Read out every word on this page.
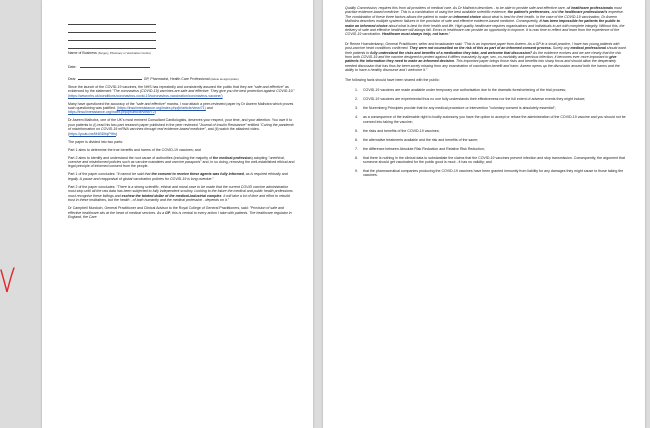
Name of Business (Surgery, Pharmacy or Vaccination Centre)

Date:

Dear	GP, Pharmacist, Health Care Professional (delete as appropriate)

Since the launch of the COVID-19 vaccines, the NHS has repeatedly and consistently assured the public that they are "safe and effective" as evidenced by the statement "The coronavirus (COVID-19) vaccines are safe and effective. They give you the best protection against COVID-19."
(https://www.nhs.uk/conditions/coronavirus-covid-19/coronavirus-vaccination/coronavirus-vaccine/)

Many have questioned the accuracy of the "safe and effective" mantra. I now attach a peer-reviewed paper by Dr Aseem Malhotra which proves such questioning was justified. (https://insulinresistance.org/index.php/jir/article/view/71) and https://insulinresistance.org/index.php/jir/article/view/72)

Dr Aseem Malhotra, one of the UK's most eminent Consultant Cardiologists, deserves your respect, your time, and your attention. You owe it to your patients to (i) read his two-part research paper published in the peer reviewed "Journal of Insulin Resistance" entitled "Curing the pandemic of misinformation on COVID-19 mRNA vaccines through real evidence-based medicine", and (ii) watch the attached video. (https://youtu.be/M4BDIfqPHfs)

The paper is divided into two parts:

Part 1 aims to determine the true benefits and harms of the COVID-19 vaccines; and

Part 2 aims to identify and understand the root cause of authorities (including the majority of the medical profession) adopting "unethical, coercive and misinformed policies such as vaccine mandates and vaccine passports" and, in so doing, removing the well-established ethical and legal principle of informed consent from the people.

Part 1 of the paper concludes: "It cannot be said that the consent to receive these agents was fully informed, as is required ethically and legally. A pause and reappraisal of global vaccination policies for COVID-19 is long overdue."

Part 2 of the paper concludes: "There is a strong scientific, ethical and moral case to be made that the current COVID vaccine administration must stop until all the raw data has been subjected to fully independent scrutiny. Looking to the future the medical and public health professions must recognise these failings and eschew the tainted dollar of the medical-industrial complex. It will take a lot of time and effort to rebuild trust in these institutions, but the health - of both humanity and the medical profession - depends on it."

Dr Campbell Murdoch, General Practitioner and Clinical Advisor to the Royal College of General Practitioners, said: "Provision of safe and effective healthcare sits at the heart of medical services. As a GP, this is central to every action I take with patients. The healthcare regulator in England, the Care

Quality Commission, requires this from all providers of medical care. As Dr Malhotra describes - to be able to provide safe and effective care, all healthcare professionals must practise evidence-based medicine. This is a combination of using the best available scientific evidence, the patient's preferences, and the healthcare professional's expertise. The combination of these three factors allows the patient to make an informed choice about what is best for their health. In the case of the COVID-19 vaccination, Dr Aseem Malhotra describes multiple systemic failures in the provision of safe and effective evidence-based medicine. Consequently, it has been impossible for patients the public to make an informed choice about what is best for their health and life. High quality healthcare requires organisations and individuals to act with complete integrity. Without this, the delivery of safe and effective healthcare will always fail. Errors in healthcare can provide an opportunity to improve. It is now time to reflect and learn from the experience of the COVID-19 vaccination. Healthcare must always help, not harm."

Dr Renee Hoenderkamp, General Practitioner, writer and broadcaster said: "This is an important paper from Aseem. As a GP in a small practice, I have two young patients with post-vaccine heart conditions confirmed. They were not counselled on the risk of this as part of an informed consent process. Surely any medical professional should want their patients to fully understand the risks and benefits of a medication they take, and welcome that discussion? As the evidence evolves and we see clearly that the risk from both COVID-19 and the vaccine designed to protect against it differs massively by age, sex, co-morbidity and previous infection, it becomes ever more important to give patients the information they need to make an informed decision. This important paper brings those risks and benefits into sharp focus and should allow the desperately needed discussion that has thus far been sorely missing from any examination of vaccination benefit and harm. Aseem opens up the discussion around both the harms and the ability to have a healthy discourse and I welcome it."

The following facts should have been shared with the public:

1. COVID-19 vaccines are made available under temporary use authorisation due to the dramatic foreshortening of the trial process;
2. COVID-19 vaccines are experimental thus no one fully understands their effectiveness nor the full extent of adverse events they might induce;
3. the Nuremberg Principles provide that for any medical procedure or intervention "voluntary consent is absolutely essential";
4. as a consequence of the inalienable right to bodily autonomy you have the option to accept or refuse the administration of the COVID-19 vaccine and you should not be coerced into taking the vaccine;
5. the risks and benefits of the COVID-19 vaccines;
6. the alternative treatments available and the risk and benefits of the same;
7. the difference between Absolute Risk Reduction and Relative Risk Reduction;
8. that there is nothing in the clinical data to substantiate the claims that the COVID-19 vaccines prevent infection and stop transmission. Consequently, the argument that someone should get vaccinated for the public good is moot - it has no validity; and
9. that the pharmaceutical companies producing the COVID-19 vaccines have been granted immunity from liability for any damages they might cause to those taking the vaccines.
